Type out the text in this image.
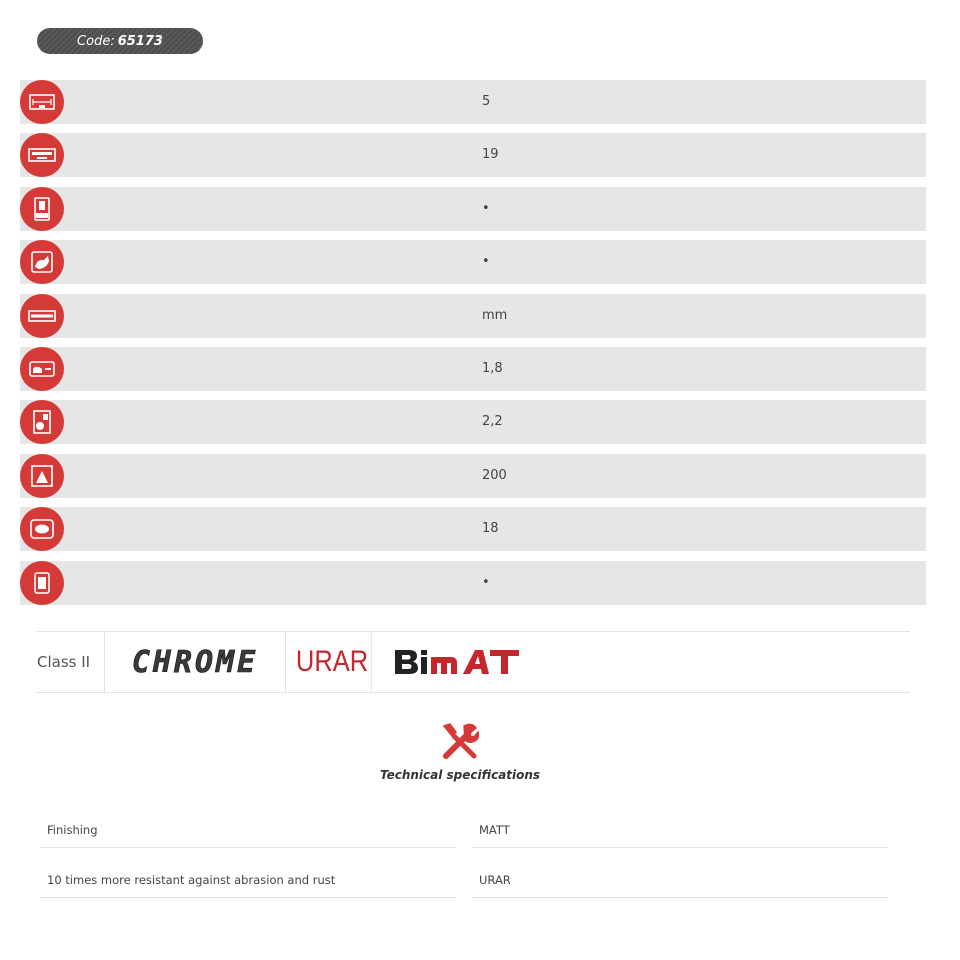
Code: 65173
5
19
•
•
mm
1,8
2,2
200
18
•
Class II	CHROME	URAR
Technical specifications
Finishing	MATT
10 times more resistant against abrasion and rust	URAR
